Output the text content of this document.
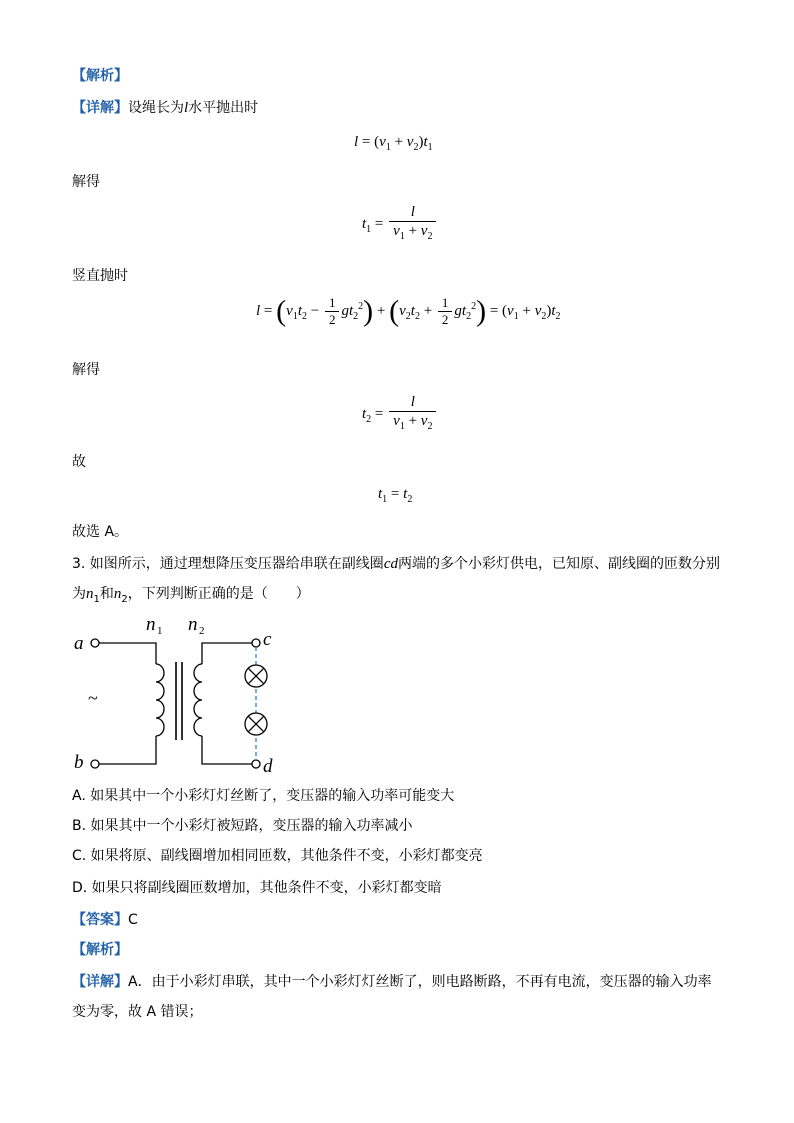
【解析】
【详解】设绳长为l水平抛出时
$l = (v_1 + v_2)t_1$
解得
$t_1 = \frac{l}{v_1 + v_2}$
竖直抛时
$l = (v_1t_2 - \frac{1}{2} gt_2^2) + (v_2t_2 + \frac{1}{2} gt_2^2) = (v_1 + v_2)t_2$
解得
$t_2 = \frac{l}{v_1 + v_2}$
故
$t_1 = t_2$
故选 A。
3. 如图所示，通过理想降压变压器给串联在副线圈cd两端的多个小彩灯供电，已知原、副线圈的匝数分别
为$n_1$和$n_2$，下列判断正确的是（　　）
a
b
~
n 1 n 2	c
d
A. 如果其中一个小彩灯灯丝断了，变压器的输入功率可能变大
B. 如果其中一个小彩灯被短路，变压器的输入功率减小
C. 如果将原、副线圈增加相同匝数，其他条件不变，小彩灯都变亮
D. 如果只将副线圈匝数增加，其他条件不变，小彩灯都变暗
【答案】C
【解析】
【详解】A．由于小彩灯串联，其中一个小彩灯灯丝断了，则电路断路，不再有电流，变压器的输入功率
变为零，故 A 错误；
